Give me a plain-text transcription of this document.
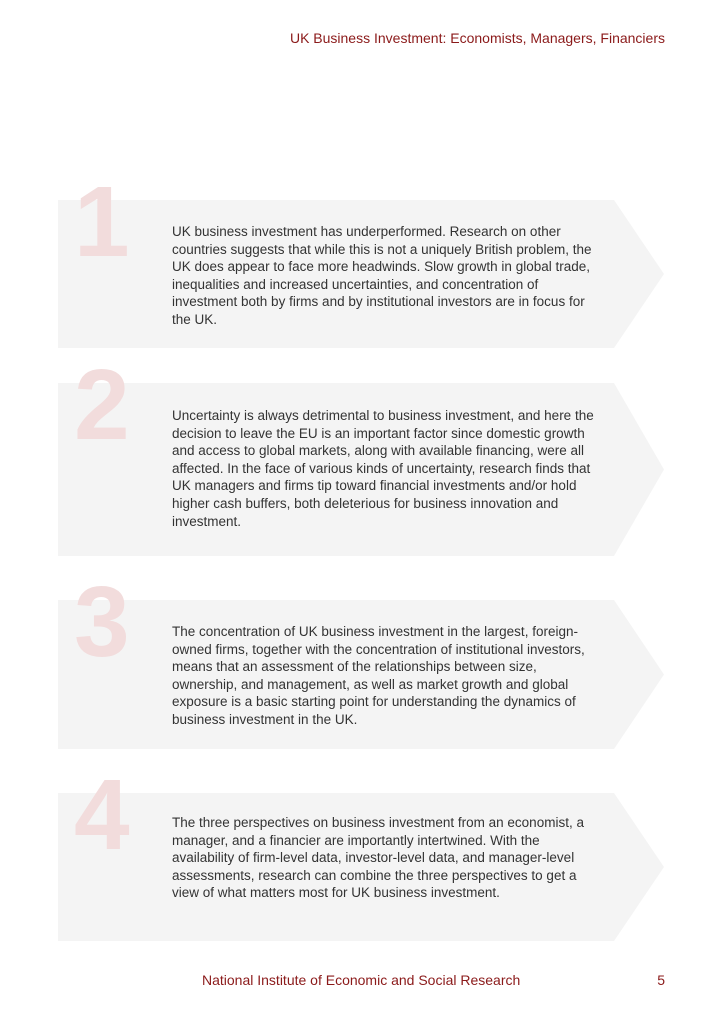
UK Business Investment: Economists, Managers, Financiers
1	UK business investment has underperformed. Research on other countries suggests that while this is not a uniquely British problem, the UK does appear to face more headwinds. Slow growth in global trade, inequalities and increased uncertainties, and concentration of investment both by firms and by institutional investors are in focus for the UK.
2	Uncertainty is always detrimental to business investment, and here the decision to leave the EU is an important factor since domestic growth and access to global markets, along with available financing, were all affected. In the face of various kinds of uncertainty, research finds that UK managers and firms tip toward financial investments and/or hold higher cash buffers, both deleterious for business innovation and investment.
3	The concentration of UK business investment in the largest, foreign-owned firms, together with the concentration of institutional investors, means that an assessment of the relationships between size, ownership, and management, as well as market growth and global exposure is a basic starting point for understanding the dynamics of business investment in the UK.
4	The three perspectives on business investment from an economist, a manager, and a financier are importantly intertwined. With the availability of firm-level data, investor-level data, and manager-level assessments, research can combine the three perspectives to get a view of what matters most for UK business investment.
National Institute of Economic and Social Research	5
